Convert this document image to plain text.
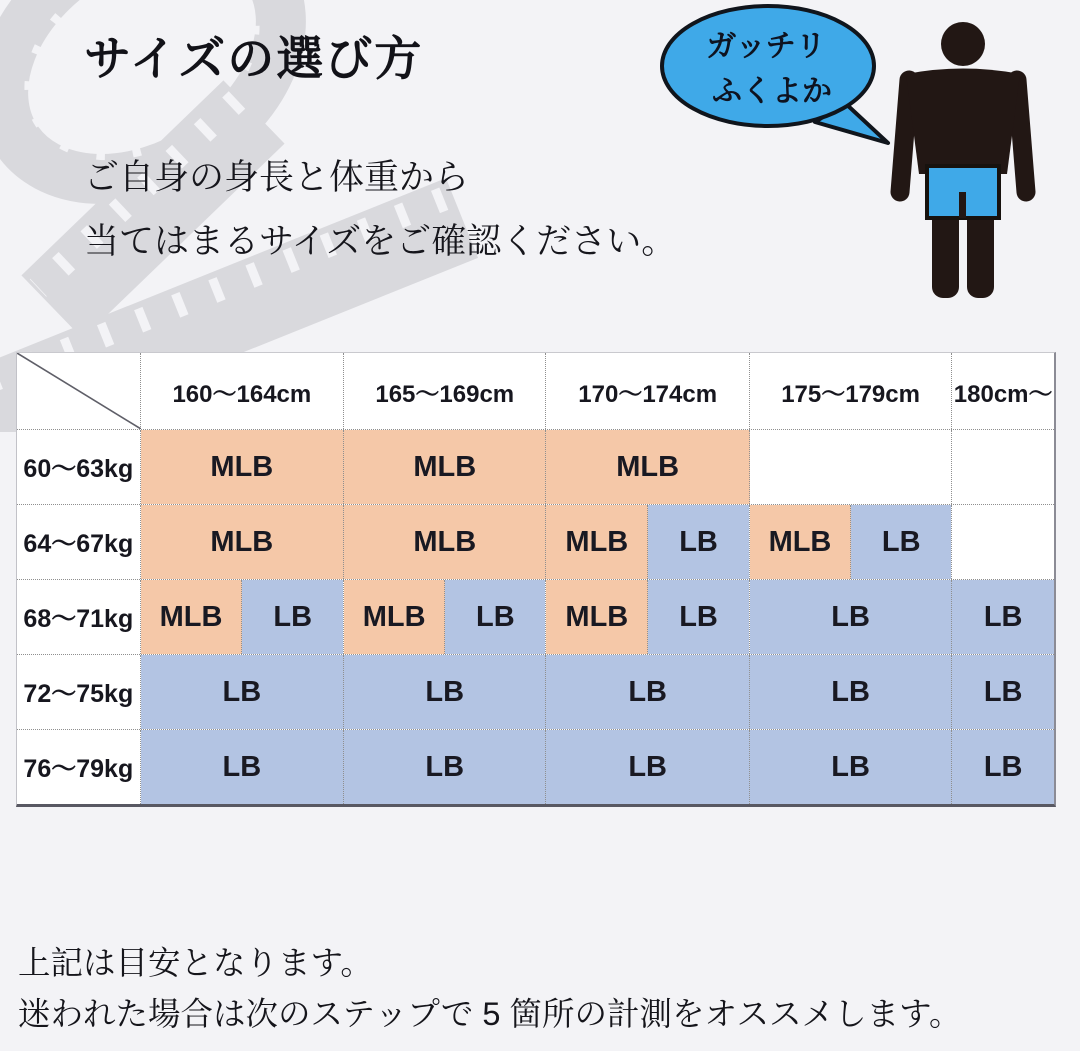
サイズの選び方
ご自身の身長と体重から
当てはまるサイズをご確認ください。
ガッチリ
ふくよか
160〜164cm	165〜169cm	170〜174cm	175〜179cm	180cm〜
60〜63kg	MLB	MLB	MLB
64〜67kg	MLB	MLB	MLB	LB	MLB	LB
68〜71kg MLB	LB	MLB	LB	MLB	LB	LB	LB
72〜75kg	LB	LB	LB	LB	LB
76〜79kg	LB	LB	LB	LB	LB
上記は目安となります。
迷われた場合は次のステップで 5 箇所の計測をオススメします。
